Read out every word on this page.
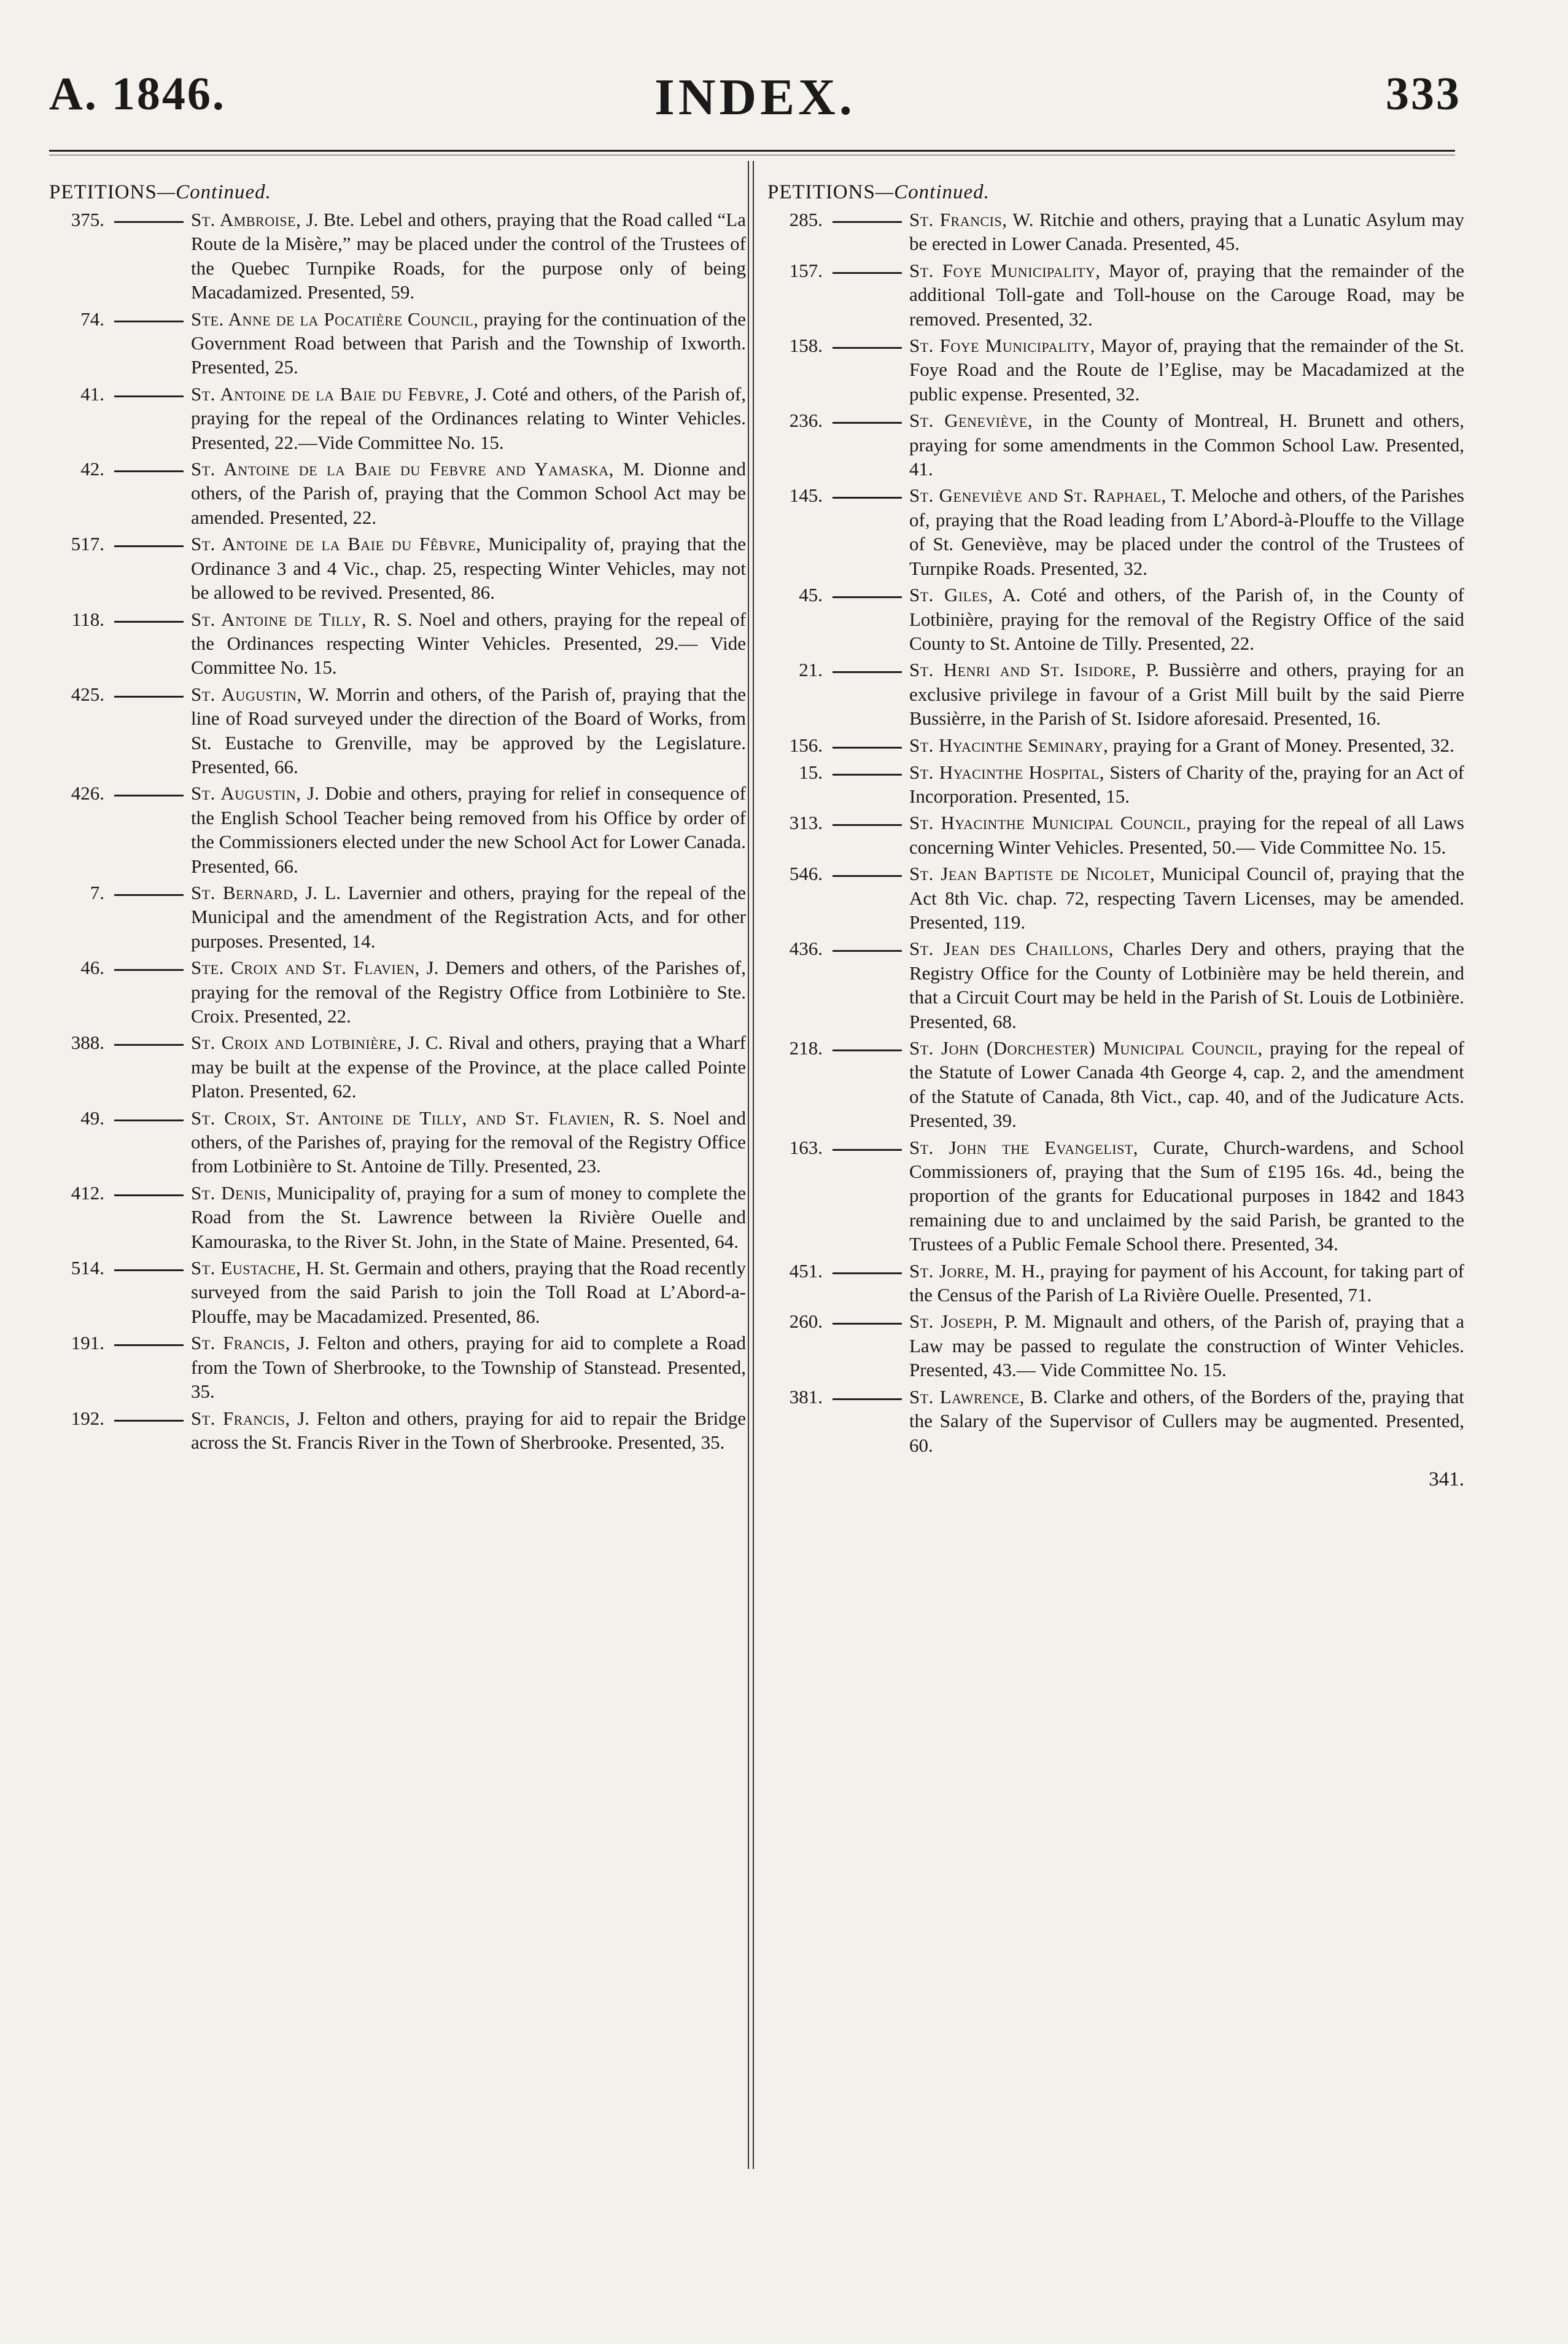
A. 1846.	INDEX.	333
PETITIONS—Continued.
375.	St. Ambroise, J. Bte. Lebel and others, praying that the Road called “La Route de la Misère,” may be placed under the control of the Trustees of the Quebec Turnpike Roads, for the purpose only of being Macadamized. Presented, 59.
74.	Ste. Anne de la Pocatière Council, praying for the continuation of the Government Road between that Parish and the Township of Ixworth. Presented, 25.
41.	St. Antoine de la Baie du Febvre, J. Coté and others, of the Parish of, praying for the repeal of the Ordinances relating to Winter Vehicles. Presented, 22.—Vide Committee No. 15.
42.	St. Antoine de la Baie du Febvre and Yamaska, M. Dionne and others, of the Parish of, praying that the Common School Act may be amended. Presented, 22.
517.	St. Antoine de la Baie du Fêbvre, Municipality of, praying that the Ordinance 3 and 4 Vic., chap. 25, respecting Winter Vehicles, may not be allowed to be revived. Presented, 86.
118.	St. Antoine de Tilly, R. S. Noel and others, praying for the repeal of the Ordinances respecting Winter Vehicles. Presented, 29.— Vide Committee No. 15.
425.	St. Augustin, W. Morrin and others, of the Parish of, praying that the line of Road surveyed under the direction of the Board of Works, from St. Eustache to Grenville, may be approved by the Legislature. Presented, 66.
426.	St. Augustin, J. Dobie and others, praying for relief in consequence of the English School Teacher being removed from his Office by order of the Commissioners elected under the new School Act for Lower Canada. Presented, 66.
7.	St. Bernard, J. L. Lavernier and others, praying for the repeal of the Municipal and the amendment of the Registration Acts, and for other purposes. Presented, 14.
46.	Ste. Croix and St. Flavien, J. Demers and others, of the Parishes of, praying for the removal of the Registry Office from Lotbinière to Ste. Croix. Presented, 22.
388.	St. Croix and Lotbinière, J. C. Rival and others, praying that a Wharf may be built at the expense of the Province, at the place called Pointe Platon. Presented, 62.
49.	St. Croix, St. Antoine de Tilly, and St. Flavien, R. S. Noel and others, of the Parishes of, praying for the removal of the Registry Office from Lotbinière to St. Antoine de Tilly. Presented, 23.
412.	St. Denis, Municipality of, praying for a sum of money to complete the Road from the St. Lawrence between la Rivière Ouelle and Kamouraska, to the River St. John, in the State of Maine. Presented, 64.
514.	St. Eustache, H. St. Germain and others, praying that the Road recently surveyed from the said Parish to join the Toll Road at L’Abord-a-Plouffe, may be Macadamized. Presented, 86.
191.	St. Francis, J. Felton and others, praying for aid to complete a Road from the Town of Sherbrooke, to the Township of Stanstead. Presented, 35.
192.	St. Francis, J. Felton and others, praying for aid to repair the Bridge across the St. Francis River in the Town of Sherbrooke. Presented, 35.
PETITIONS—Continued.
285.	St. Francis, W. Ritchie and others, praying that a Lunatic Asylum may be erected in Lower Canada. Presented, 45.
157.	St. Foye Municipality, Mayor of, praying that the remainder of the additional Toll-gate and Toll-house on the Carouge Road, may be removed. Presented, 32.
158.	St. Foye Municipality, Mayor of, praying that the remainder of the St. Foye Road and the Route de l’Eglise, may be Macadamized at the public expense. Presented, 32.
236.	St. Geneviève, in the County of Montreal, H. Brunett and others, praying for some amendments in the Common School Law. Presented, 41.
145.	St. Geneviève and St. Raphael, T. Meloche and others, of the Parishes of, praying that the Road leading from L’Abord-à-Plouffe to the Village of St. Geneviève, may be placed under the control of the Trustees of Turnpike Roads. Presented, 32.
45.	St. Giles, A. Coté and others, of the Parish of, in the County of Lotbinière, praying for the removal of the Registry Office of the said County to St. Antoine de Tilly. Presented, 22.
21.	St. Henri and St. Isidore, P. Bussièrre and others, praying for an exclusive privilege in favour of a Grist Mill built by the said Pierre Bussièrre, in the Parish of St. Isidore aforesaid. Presented, 16.
156.	St. Hyacinthe Seminary, praying for a Grant of Money. Presented, 32.
15.	St. Hyacinthe Hospital, Sisters of Charity of the, praying for an Act of Incorporation. Presented, 15.
313.	St. Hyacinthe Municipal Council, praying for the repeal of all Laws concerning Winter Vehicles. Presented, 50.— Vide Committee No. 15.
546.	St. Jean Baptiste de Nicolet, Municipal Council of, praying that the Act 8th Vic. chap. 72, respecting Tavern Licenses, may be amended. Presented, 119.
436.	St. Jean des Chaillons, Charles Dery and others, praying that the Registry Office for the County of Lotbinière may be held therein, and that a Circuit Court may be held in the Parish of St. Louis de Lotbinière. Presented, 68.
218.	St. John (Dorchester) Municipal Council, praying for the repeal of the Statute of Lower Canada 4th George 4, cap. 2, and the amendment of the Statute of Canada, 8th Vict., cap. 40, and of the Judicature Acts. Presented, 39.
163.	St. John the Evangelist, Curate, Church-wardens, and School Commissioners of, praying that the Sum of £195 16s. 4d., being the proportion of the grants for Educational purposes in 1842 and 1843 remaining due to and unclaimed by the said Parish, be granted to the Trustees of a Public Female School there. Presented, 34.
451.	St. Jorre, M. H., praying for payment of his Account, for taking part of the Census of the Parish of La Rivière Ouelle. Presented, 71.
260.	St. Joseph, P. M. Mignault and others, of the Parish of, praying that a Law may be passed to regulate the construction of Winter Vehicles. Presented, 43.— Vide Committee No. 15.
381.	St. Lawrence, B. Clarke and others, of the Borders of the, praying that the Salary of the Supervisor of Cullers may be augmented. Presented, 60.
341.
